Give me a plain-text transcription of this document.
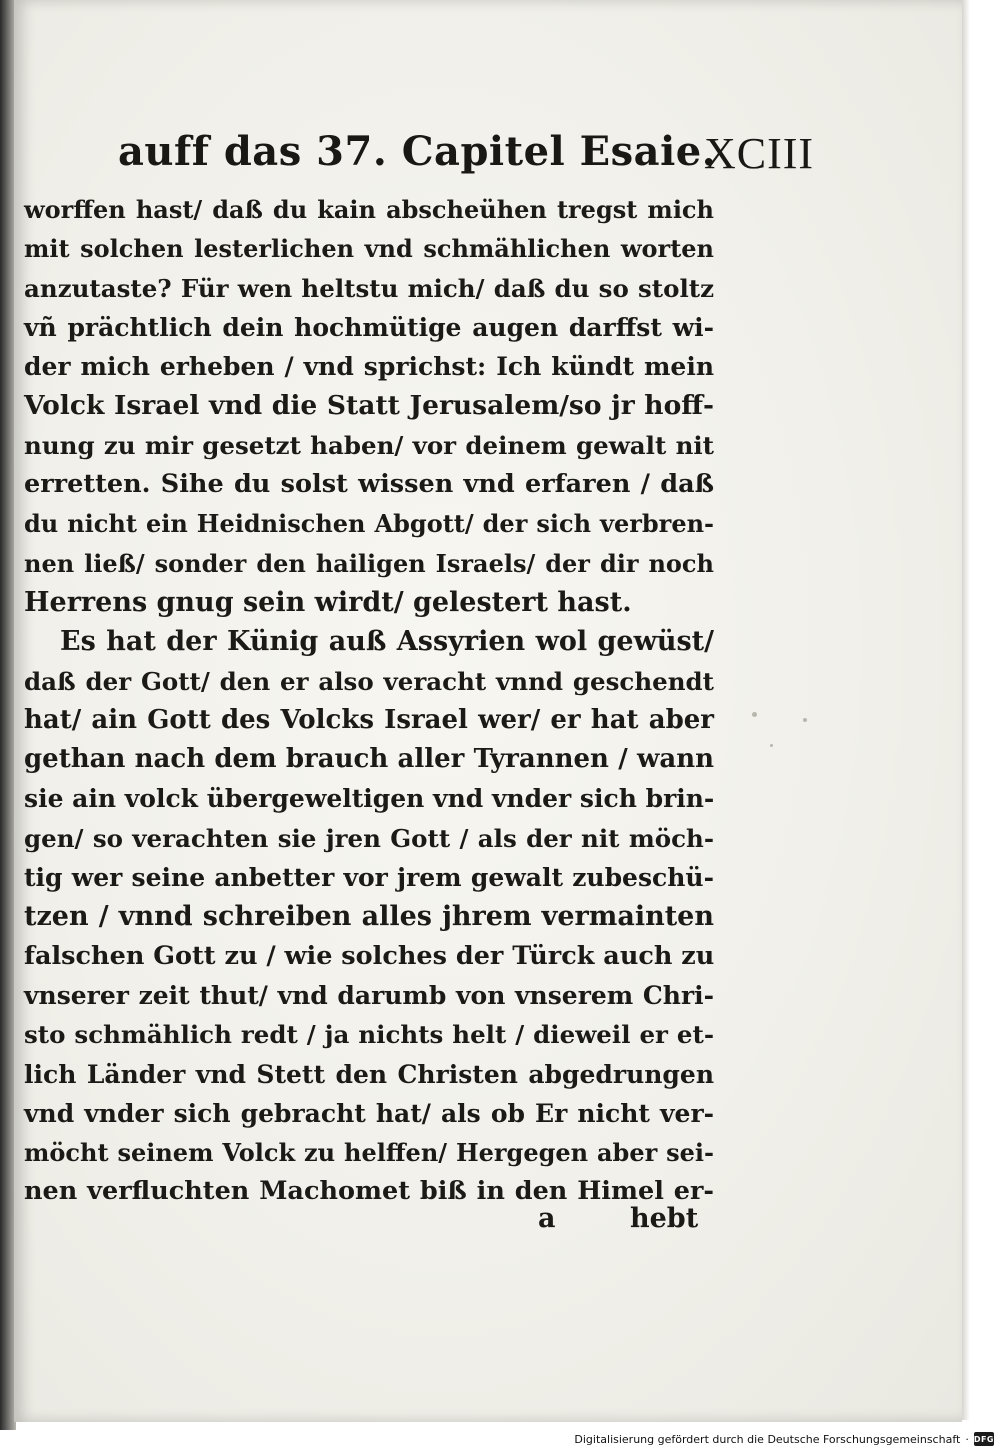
auff das 37. Capitel Esaie.
XCIII
worffen hast/ daß du kain abscheühen tregst mich
mit solchen lesterlichen vnd schmählichen worten
anzutaste? Für wen heltstu mich/ daß du so stoltz
vñ prächtlich dein hochmütige augen darffst wi-
der mich erheben / vnd sprichst: Ich kündt mein
Volck Israel vnd die Statt Jerusalem/so jr hoff-
nung zu mir gesetzt haben/ vor deinem gewalt nit
erretten. Sihe du solst wissen vnd erfaren / daß
du nicht ein Heidnischen Abgott/ der sich verbren-
nen ließ/ sonder den hailigen Israels/ der dir noch
Herrens gnug sein wirdt/ gelestert hast.
Es hat der Künig auß Assyrien wol gewüst/
daß der Gott/ den er also veracht vnnd geschendt
hat/ ain Gott des Volcks Israel wer/ er hat aber
gethan nach dem brauch aller Tyrannen / wann
sie ain volck übergeweltigen vnd vnder sich brin-
gen/ so verachten sie jren Gott / als der nit möch-
tig wer seine anbetter vor jrem gewalt zubeschü-
tzen / vnnd schreiben alles jhrem vermainten
falschen Gott zu / wie solches der Türck auch zu
vnserer zeit thut/ vnd darumb von vnserem Chri-
sto schmählich redt / ja nichts helt / dieweil er et-
lich Länder vnd Stett den Christen abgedrungen
vnd vnder sich gebracht hat/ als ob Er nicht ver-
möcht seinem Volck zu helffen/ Hergegen aber sei-
nen verfluchten Machomet biß in den Himel er-
a	hebt
Digitalisierung gefördert durch die Deutsche Forschungsgemeinschaft · DFG
